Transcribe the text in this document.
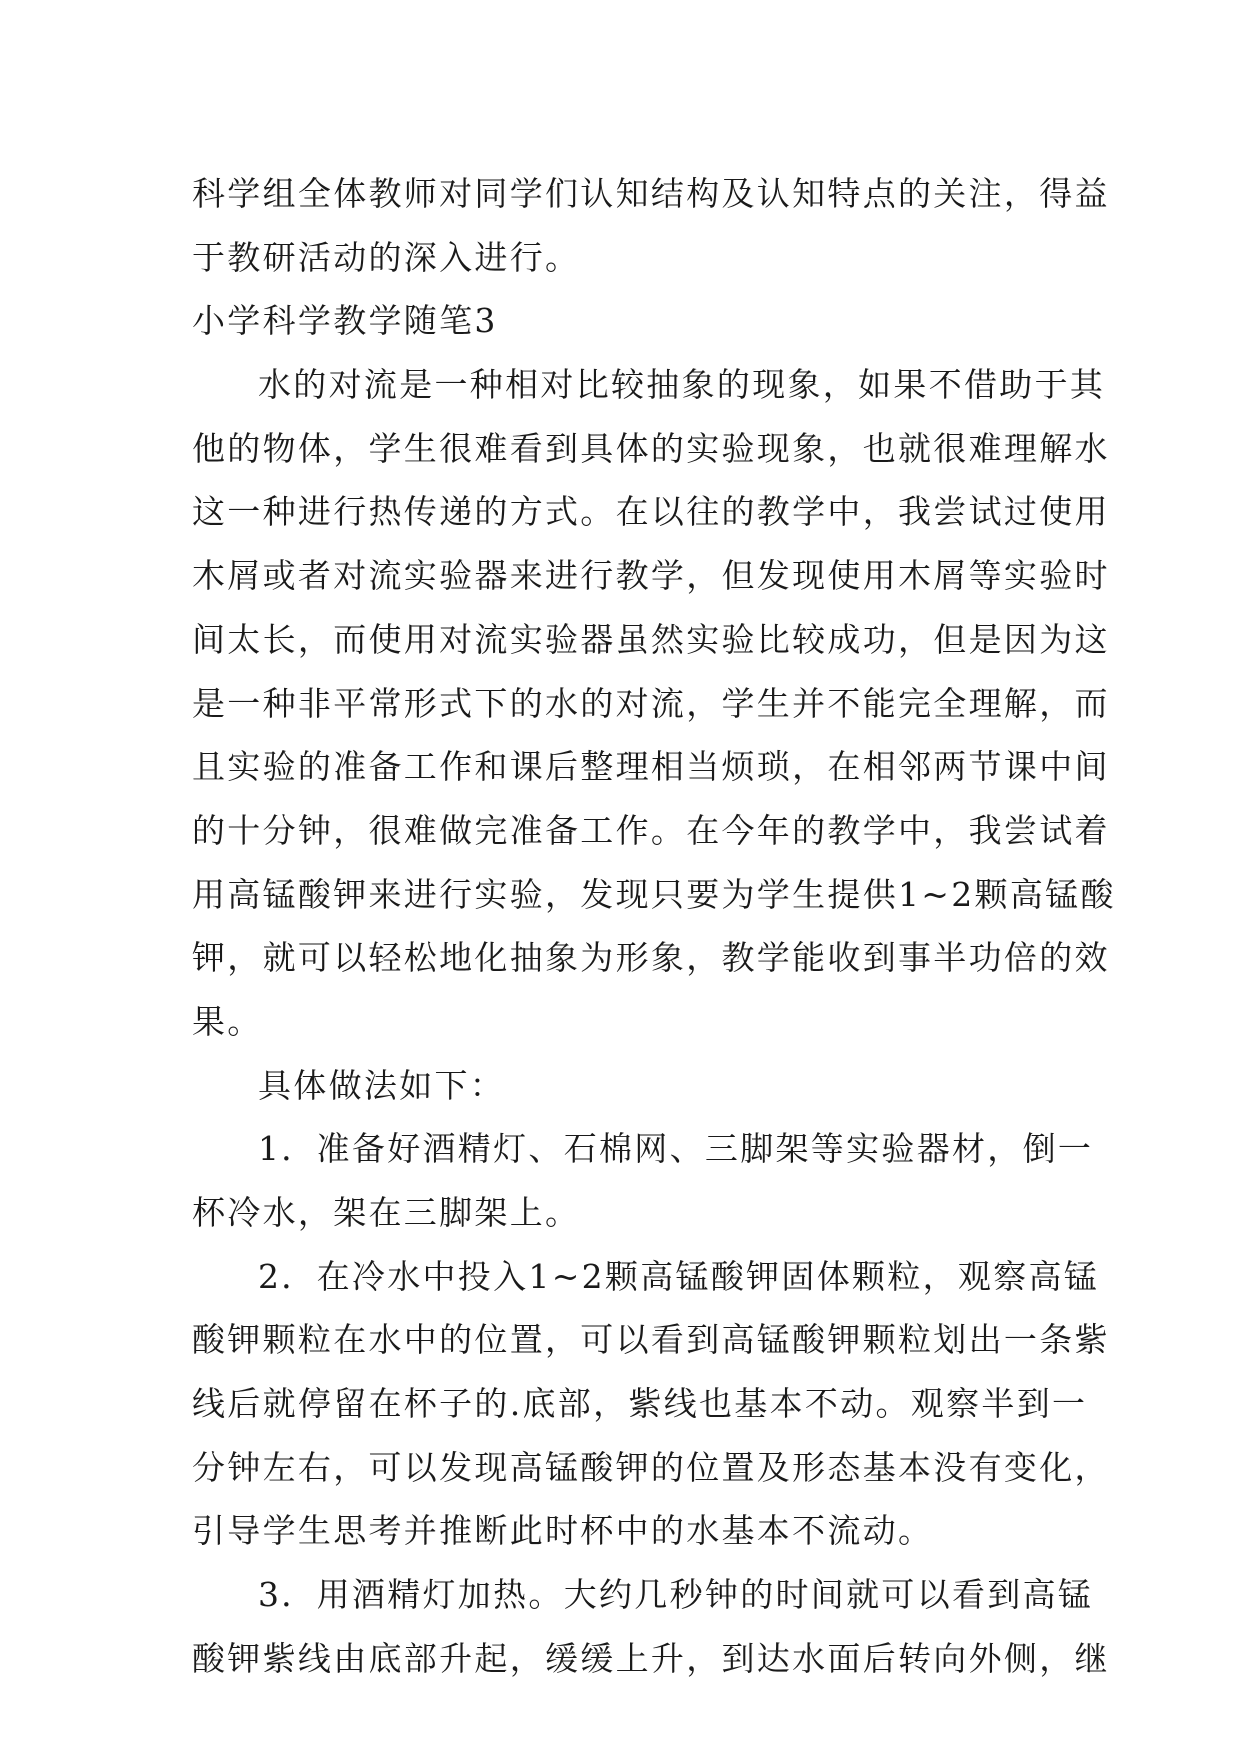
科学组全体教师对同学们认知结构及认知特点的关注，得益
于教研活动的深入进行。
小学科学教学随笔3
水的对流是一种相对比较抽象的现象，如果不借助于其
他的物体，学生很难看到具体的实验现象，也就很难理解水
这一种进行热传递的方式。在以往的教学中，我尝试过使用
木屑或者对流实验器来进行教学，但发现使用木屑等实验时
间太长，而使用对流实验器虽然实验比较成功，但是因为这
是一种非平常形式下的水的对流，学生并不能完全理解，而
且实验的准备工作和课后整理相当烦琐，在相邻两节课中间
的十分钟，很难做完准备工作。在今年的教学中，我尝试着
用高锰酸钾来进行实验，发现只要为学生提供1~2颗高锰酸
钾，就可以轻松地化抽象为形象，教学能收到事半功倍的效
果。
具体做法如下：
1．准备好酒精灯、石棉网、三脚架等实验器材，倒一
杯冷水，架在三脚架上。
2．在冷水中投入1~2颗高锰酸钾固体颗粒，观察高锰
酸钾颗粒在水中的位置，可以看到高锰酸钾颗粒划出一条紫
线后就停留在杯子的.底部，紫线也基本不动。观察半到一
分钟左右，可以发现高锰酸钾的位置及形态基本没有变化，
引导学生思考并推断此时杯中的水基本不流动。
3．用酒精灯加热。大约几秒钟的时间就可以看到高锰
酸钾紫线由底部升起，缓缓上升，到达水面后转向外侧，继
